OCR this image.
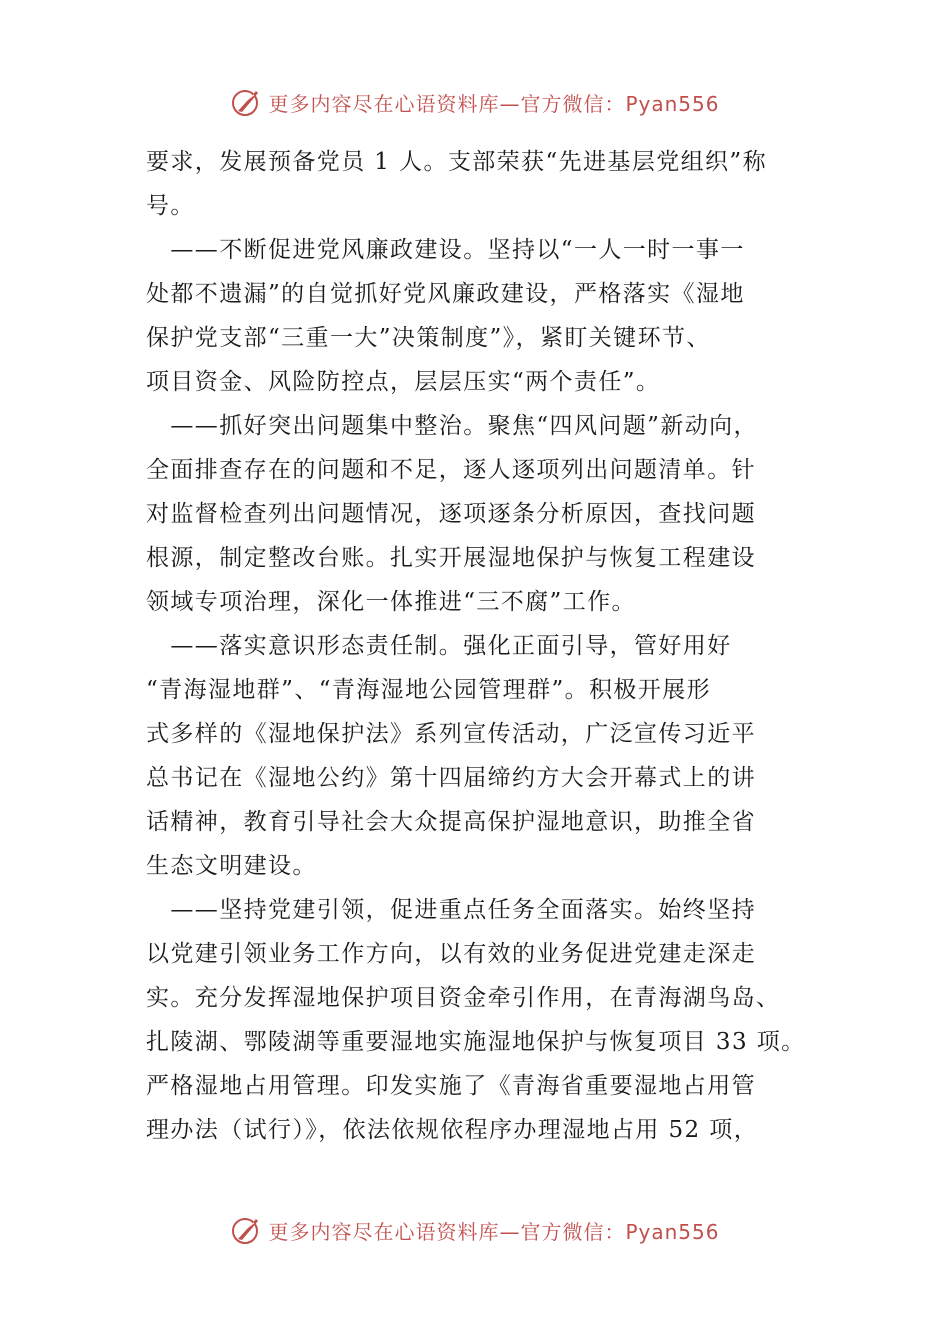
更多内容尽在心语资料库—官方微信：Pyan556
要求，发展预备党员 1 人。支部荣获“先进基层党组织”称
号。
　——不断促进党风廉政建设。坚持以“一人一时一事一
处都不遗漏”的自觉抓好党风廉政建设，严格落实《湿地
保护党支部“三重一大”决策制度”》，紧盯关键环节、
项目资金、风险防控点，层层压实“两个责任”。
　——抓好突出问题集中整治。聚焦“四风问题”新动向，
全面排查存在的问题和不足，逐人逐项列出问题清单。针
对监督检查列出问题情况，逐项逐条分析原因，查找问题
根源，制定整改台账。扎实开展湿地保护与恢复工程建设
领域专项治理，深化一体推进“三不腐”工作。
　——落实意识形态责任制。强化正面引导，管好用好
“青海湿地群”、“青海湿地公园管理群”。积极开展形
式多样的《湿地保护法》系列宣传活动，广泛宣传习近平
总书记在《湿地公约》第十四届缔约方大会开幕式上的讲
话精神，教育引导社会大众提高保护湿地意识，助推全省
生态文明建设。
　——坚持党建引领，促进重点任务全面落实。始终坚持
以党建引领业务工作方向，以有效的业务促进党建走深走
实。充分发挥湿地保护项目资金牵引作用，在青海湖鸟岛、
扎陵湖、鄂陵湖等重要湿地实施湿地保护与恢复项目 33 项。
严格湿地占用管理。印发实施了《青海省重要湿地占用管
理办法（试行）》，依法依规依程序办理湿地占用 52 项，
更多内容尽在心语资料库—官方微信：Pyan556
